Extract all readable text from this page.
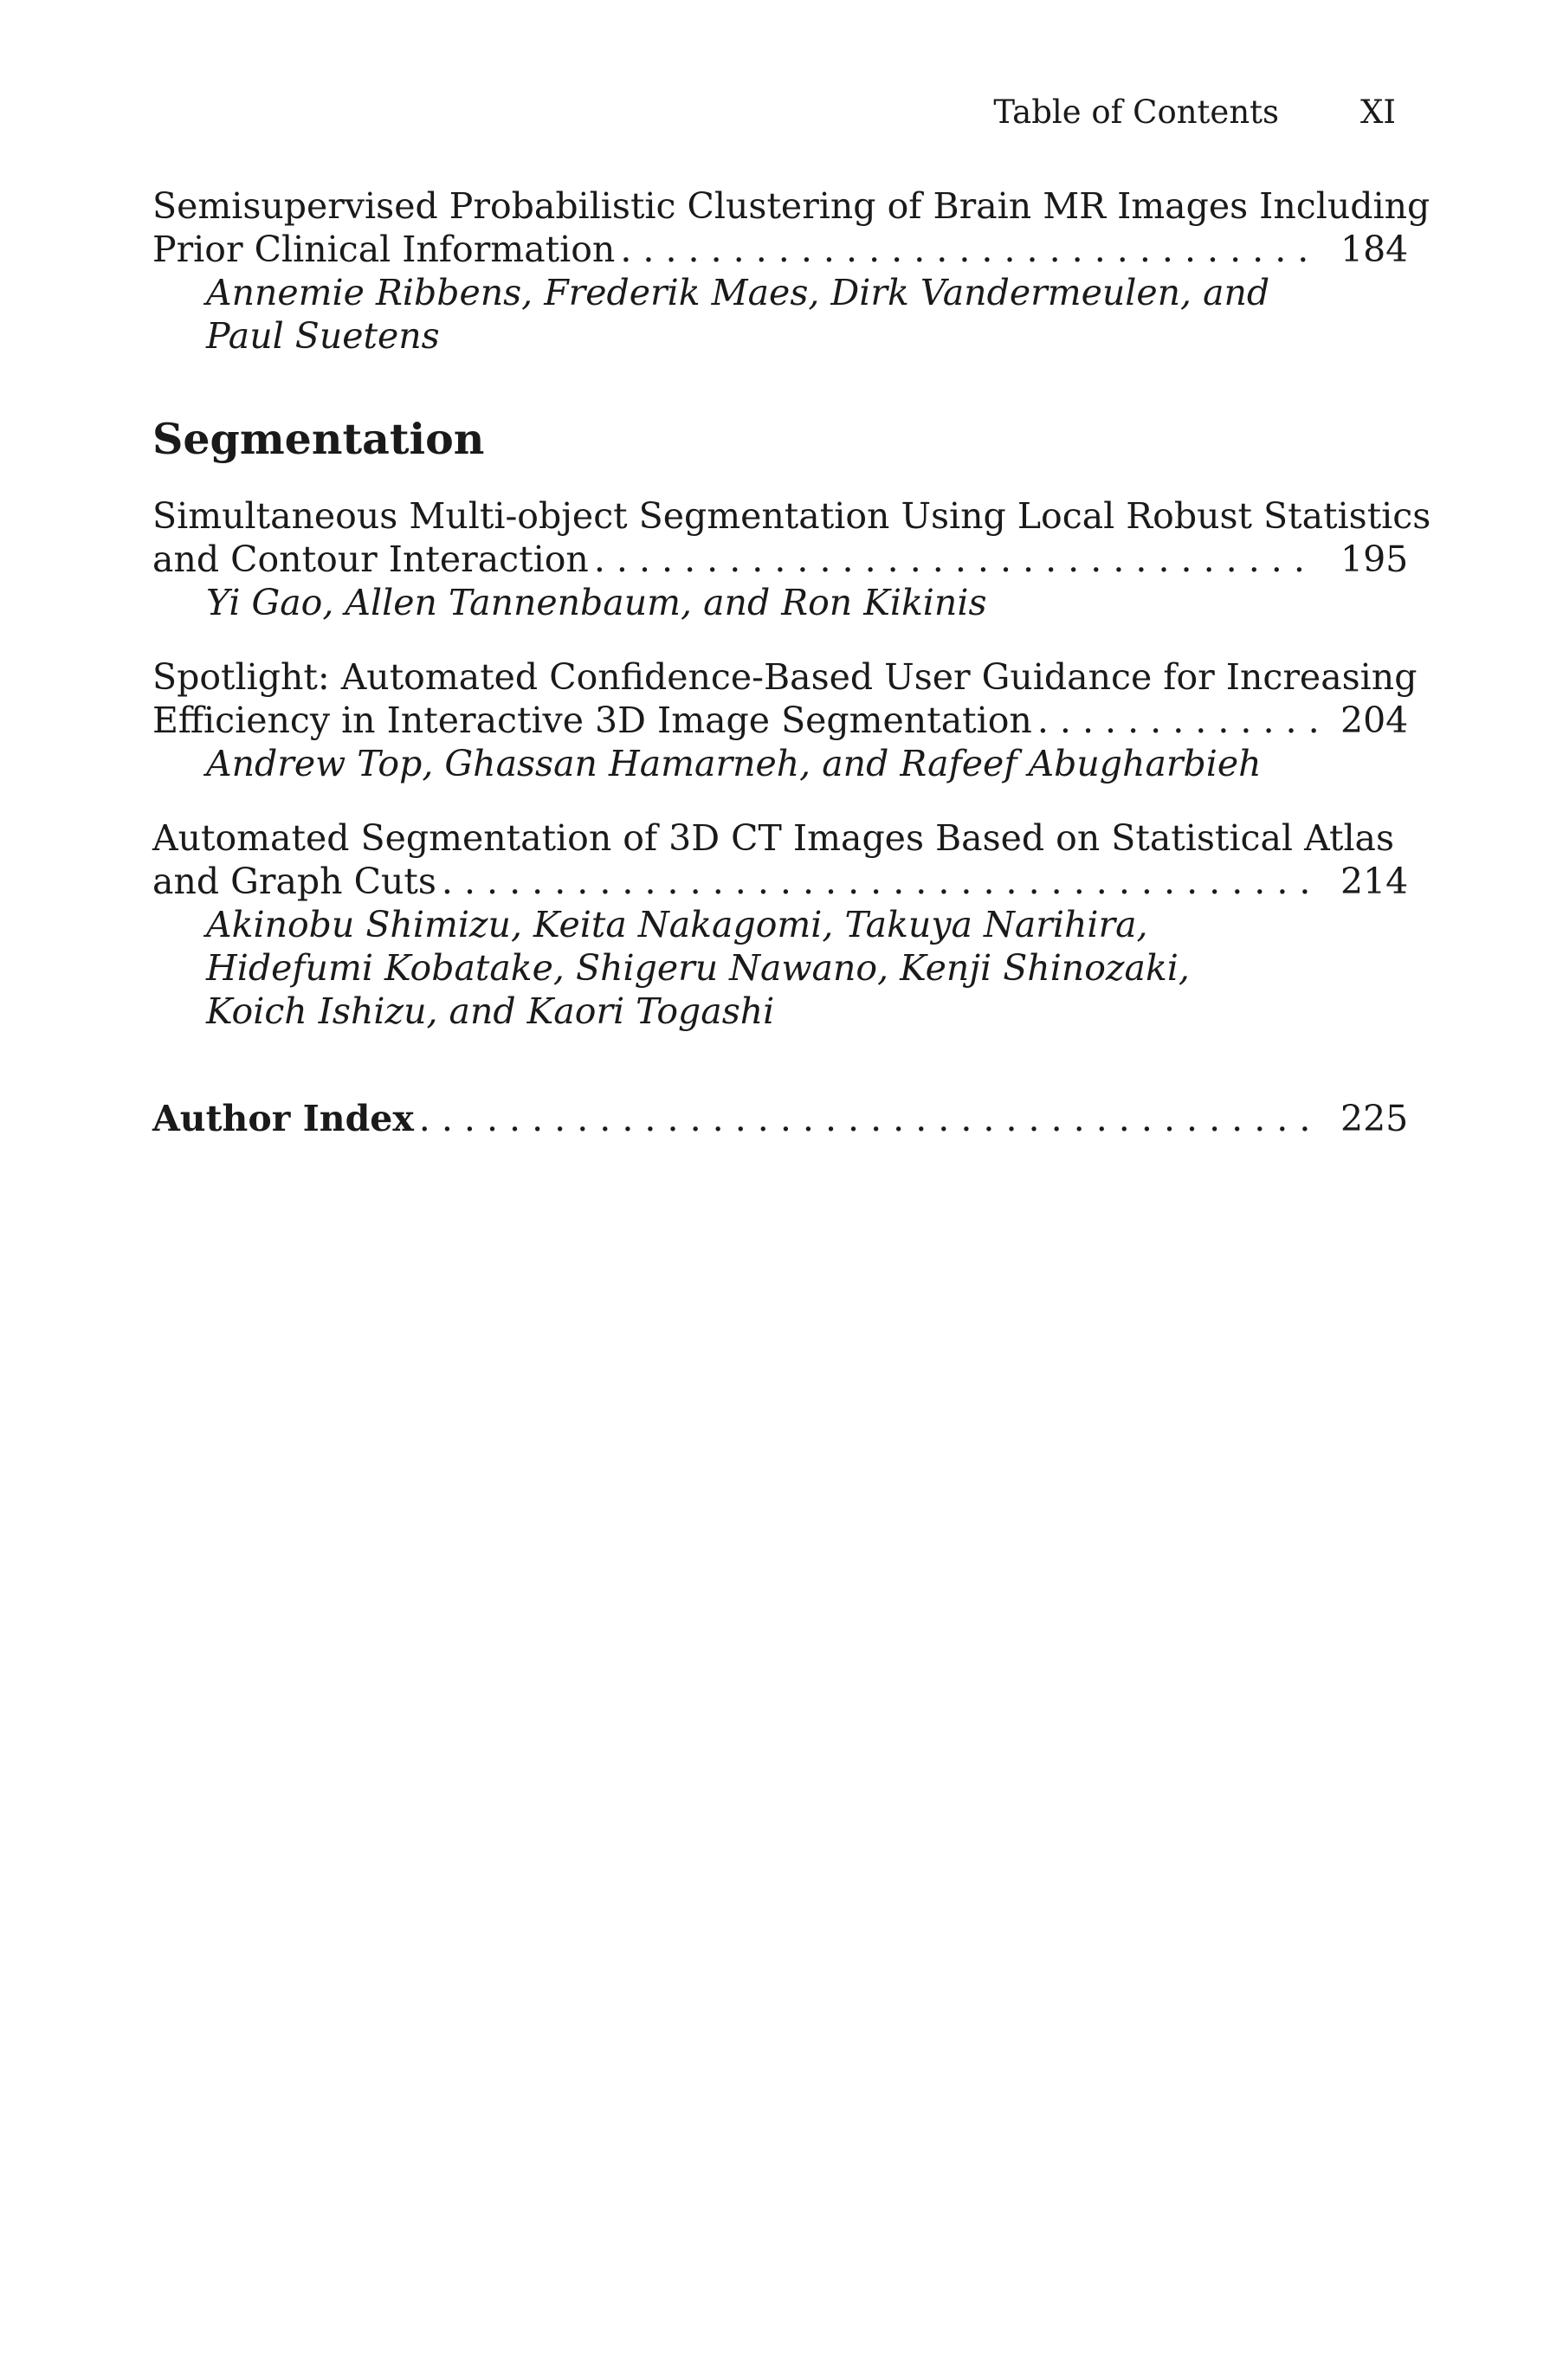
Table of Contents	XI
Semisupervised Probabilistic Clustering of Brain MR Images Including
Prior Clinical Information . . .	184
Annemie Ribbens, Frederik Maes, Dirk Vandermeulen, and
Paul Suetens
Segmentation
Simultaneous Multi-object Segmentation Using Local Robust Statistics
and Contour Interaction . . .	195
Yi Gao, Allen Tannenbaum, and Ron Kikinis
Spotlight: Automated Confidence-Based User Guidance for Increasing
Efficiency in Interactive 3D Image Segmentation . . .	204
Andrew Top, Ghassan Hamarneh, and Rafeef Abugharbieh
Automated Segmentation of 3D CT Images Based on Statistical Atlas
and Graph Cuts . . .	214
Akinobu Shimizu, Keita Nakagomi, Takuya Narihira,
Hidefumi Kobatake, Shigeru Nawano, Kenji Shinozaki,
Koich Ishizu, and Kaori Togashi
Author Index . . .	225
